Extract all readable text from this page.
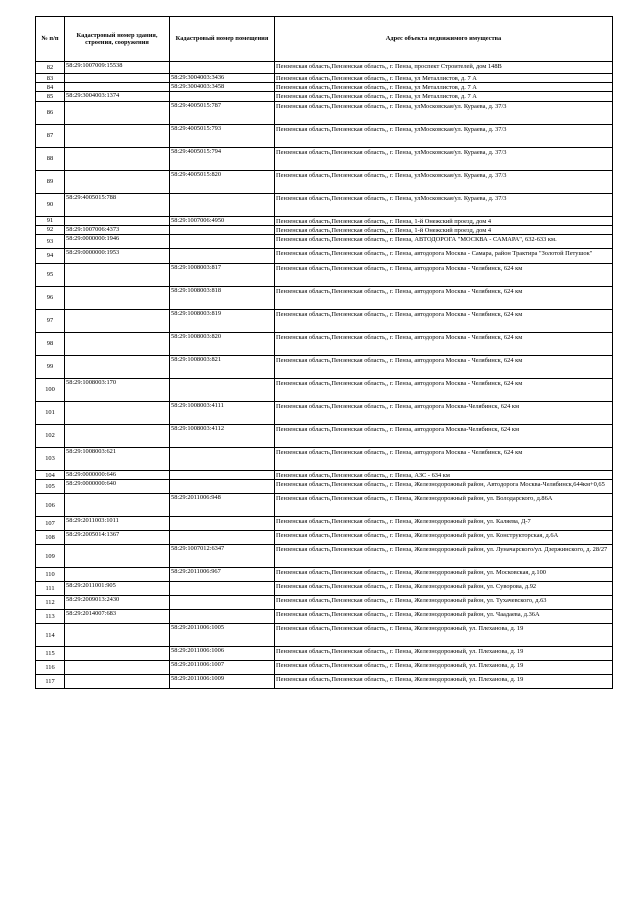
№ п/п	Кадастровый номер здания, строения, сооружения	Кадастровый номер помещения	Адрес объекта недвижимого имущества
82	58:29:1007009:15538		Пензенская область,Пензенская область,, г. Пенза, проспект Строителей, дом 148В
83		58:29:3004003:3436	Пензенская область,Пензенская область,, г. Пенза, ул Металлистов, д. 7 А
84		58:29:3004003:3458	Пензенская область,Пензенская область,, г. Пенза, ул Металлистов, д. 7 А
85	58:29:3004003:1374		Пензенская область,Пензенская область,, г. Пенза, ул Металлистов, д. 7 А
86		58:29:4005015:787	Пензенская область,Пензенская область,, г. Пенза, улМосковская/ул. Кураева, д. 37/3
87		58:29:4005015:793	Пензенская область,Пензенская область,, г. Пенза, улМосковская/ул. Кураева, д. 37/3
88		58:29:4005015:794	Пензенская область,Пензенская область,, г. Пенза, улМосковская/ул. Кураева, д. 37/3
89		58:29:4005015:820	Пензенская область,Пензенская область,, г. Пенза, улМосковская/ул. Кураева, д. 37/3
90	58:29:4005015:788		Пензенская область,Пензенская область,, г. Пенза, улМосковская/ул. Кураева, д. 37/3
91		58:29:1007006:4950	Пензенская область,Пензенская область,, г. Пенза, 1-й Онежский проезд, дом 4
92	58:29:1007006:4373		Пензенская область,Пензенская область,, г. Пенза, 1-й Онежский проезд, дом 4
93	58:29:0000000:1946		Пензенская область,Пензенская область,, г. Пенза, АВТОДОРОГА "МОСКВА - САМАРА", 632-633 км.
94	58:29:0000000:1953		Пензенская область,Пензенская область,, г. Пенза, автодорога Москва - Самара, район Трактира "Золотой Петушок"
95		58:29:1008003:817	Пензенская область,Пензенская область,, г. Пенза, автодорога Москва - Челябинск, 624 км
96		58:29:1008003:818	Пензенская область,Пензенская область,, г. Пенза, автодорога Москва - Челябинск, 624 км
97		58:29:1008003:819	Пензенская область,Пензенская область,, г. Пенза, автодорога Москва - Челябинск, 624 км
98		58:29:1008003:820	Пензенская область,Пензенская область,, г. Пенза, автодорога Москва - Челябинск, 624 км
99		58:29:1008003:821	Пензенская область,Пензенская область,, г. Пенза, автодорога Москва - Челябинск, 624 км
100	58:29:1008003:170		Пензенская область,Пензенская область,, г. Пенза, автодорога Москва - Челябинск, 624 км
101		58:29:1008003:4111	Пензенская область,Пензенская область,, г. Пенза, автодорога Москва-Челябинск, 624 км
102		58:29:1008003:4112	Пензенская область,Пензенская область,, г. Пенза, автодорога Москва-Челябинск, 624 км
103	58:29:1008003:621		Пензенская область,Пензенская область,, г. Пенза, автодорога Москва - Челябинск, 624 км
104	58:29:0000000:646		Пензенская область,Пензенская область,, г. Пенза, АЗС - 634 км
105	58:29:0000000:640		Пензенская область,Пензенская область,, г. Пенза, Железнодорожный район, Автодорога Москва-Челябинск,644км+0,65
106		58:29:2011006:948	Пензенская область,Пензенская область,, г. Пенза, Железнодорожный район, ул. Володарского, д.86А
107	58:29:2011003:1011		Пензенская область,Пензенская область,, г. Пенза, Железнодорожный район, ул. Каляева, Д-7
108	58:29:2005014:1367		Пензенская область,Пензенская область,, г. Пенза, Железнодорожный район, ул. Конструкторская, д.6А
109		58:29:1007012:6347	Пензенская область,Пензенская область,, г. Пенза, Железнодорожный район, ул. Луначарского/ул. Дзержинского, д. 28/27
110		58:29:2011006:967	Пензенская область,Пензенская область,, г. Пенза, Железнодорожный район, ул. Московская, д.100
111	58:29:2011001:905		Пензенская область,Пензенская область,, г. Пенза, Железнодорожный район, ул. Суворова, д.92
112	58:29:2009013:2430		Пензенская область,Пензенская область,, г. Пенза, Железнодорожный район, ул. Тухачевского, д.63
113	58:29:2014007:683		Пензенская область,Пензенская область,, г. Пенза, Железнодорожный район, ул. Чаадаева, д.36А
114		58:29:2011006:1005	Пензенская область,Пензенская область,, г. Пенза, Железнодорожный, ул. Плеханова, д. 19
115		58:29:2011006:1006	Пензенская область,Пензенская область,, г. Пенза, Железнодорожный, ул. Плеханова, д. 19
116		58:29:2011006:1007	Пензенская область,Пензенская область,, г. Пенза, Железнодорожный, ул. Плеханова, д. 19
117		58:29:2011006:1009	Пензенская область,Пензенская область,, г. Пенза, Железнодорожный, ул. Плеханова, д. 19
